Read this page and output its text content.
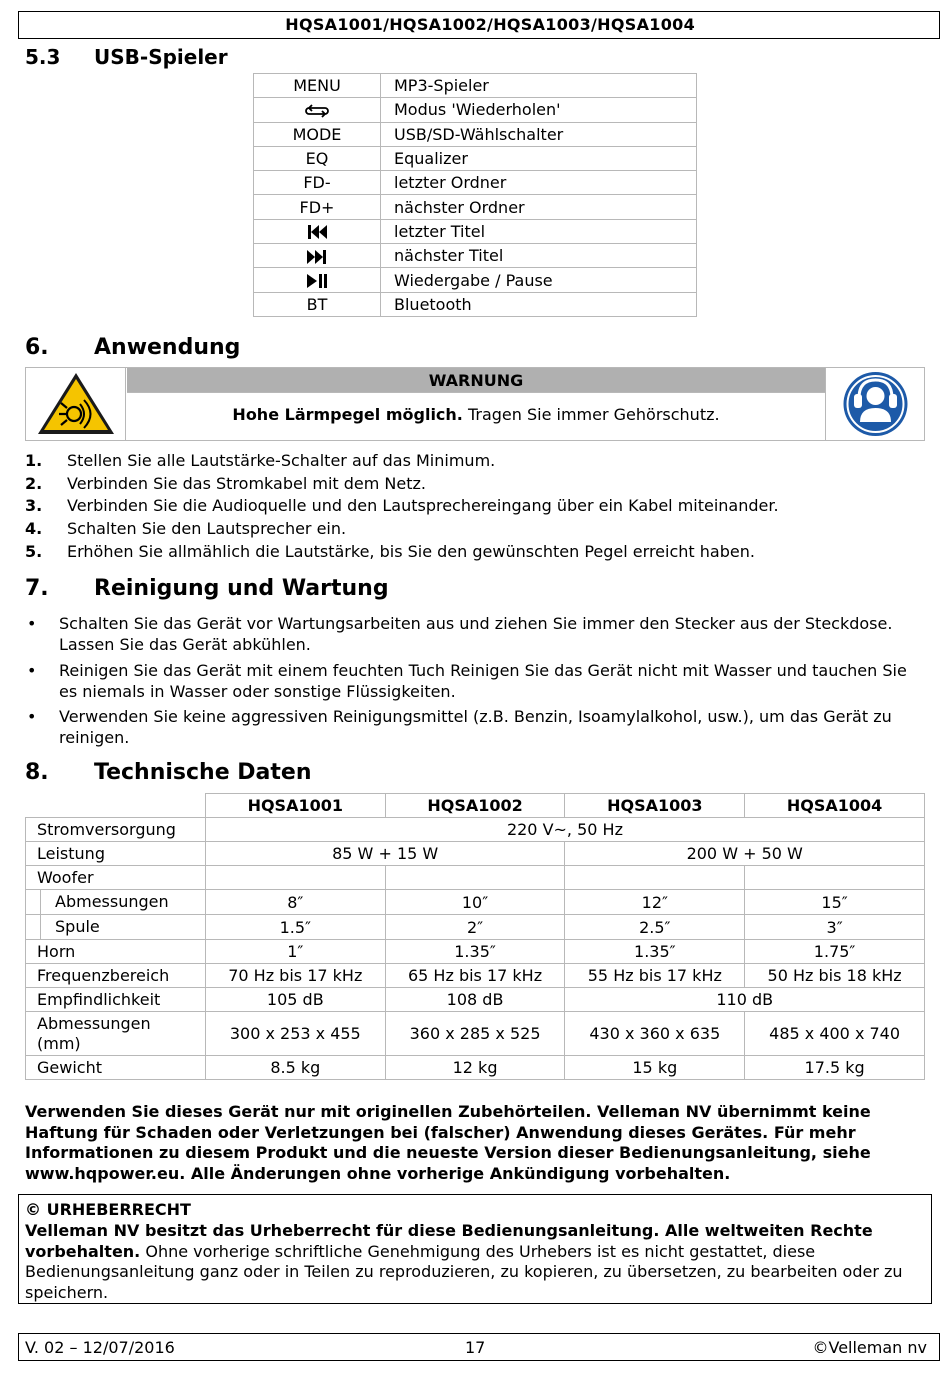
HQSA1001/HQSA1002/HQSA1003/HQSA1004
5.3 USB-Spieler
MENU	MP3-Spieler
	Modus 'Wiederholen'
MODE	USB/SD-Wählschalter
EQ	Equalizer
FD-	letzter Ordner
FD+	nächster Ordner
	letzter Titel
	nächster Titel
	Wiedergabe / Pause
BT	Bluetooth
6. Anwendung
WARNUNG
Hohe Lärmpegel möglich. Tragen Sie immer Gehörschutz.
1. Stellen Sie alle Lautstärke-Schalter auf das Minimum.
2. Verbinden Sie das Stromkabel mit dem Netz.
3. Verbinden Sie die Audioquelle und den Lautsprechereingang über ein Kabel miteinander.
4. Schalten Sie den Lautsprecher ein.
5. Erhöhen Sie allmählich die Lautstärke, bis Sie den gewünschten Pegel erreicht haben.
7. Reinigung und Wartung
• Schalten Sie das Gerät vor Wartungsarbeiten aus und ziehen Sie immer den Stecker aus der Steckdose. Lassen Sie das Gerät abkühlen.
• Reinigen Sie das Gerät mit einem feuchten Tuch Reinigen Sie das Gerät nicht mit Wasser und tauchen Sie es niemals in Wasser oder sonstige Flüssigkeiten.
• Verwenden Sie keine aggressiven Reinigungsmittel (z.B. Benzin, Isoamylalkohol, usw.), um das Gerät zu reinigen.
8. Technische Daten
	HQSA1001	HQSA1002	HQSA1003	HQSA1004
Stromversorgung	220 V~, 50 Hz			
Leistung	85 W + 15 W		200 W + 50 W	
Woofer				
Abmessungen	8″	10″	12″	15″
Spule	1.5″	2″	2.5″	3″
Horn	1″	1.35″	1.35″	1.75″
Frequenzbereich	70 Hz bis 17 kHz	65 Hz bis 17 kHz	55 Hz bis 17 kHz	50 Hz bis 18 kHz
Empfindlichkeit	105 dB	108 dB	110 dB	
Abmessungen
(mm)	300 x 253 x 455	360 x 285 x 525	430 x 360 x 635	485 x 400 x 740
Gewicht	8.5 kg	12 kg	15 kg	17.5 kg
Verwenden Sie dieses Gerät nur mit originellen Zubehörteilen. Velleman NV übernimmt keine Haftung für Schaden oder Verletzungen bei (falscher) Anwendung dieses Gerätes. Für mehr Informationen zu diesem Produkt und die neueste Version dieser Bedienungsanleitung, siehe www.hqpower.eu. Alle Änderungen ohne vorherige Ankündigung vorbehalten.
© URHEBERRECHT
Velleman NV besitzt das Urheberrecht für diese Bedienungsanleitung. Alle weltweiten Rechte vorbehalten. Ohne vorherige schriftliche Genehmigung des Urhebers ist es nicht gestattet, diese Bedienungsanleitung ganz oder in Teilen zu reproduzieren, zu kopieren, zu übersetzen, zu bearbeiten oder zu speichern.
V. 02 – 12/07/2016	17	©Velleman nv
